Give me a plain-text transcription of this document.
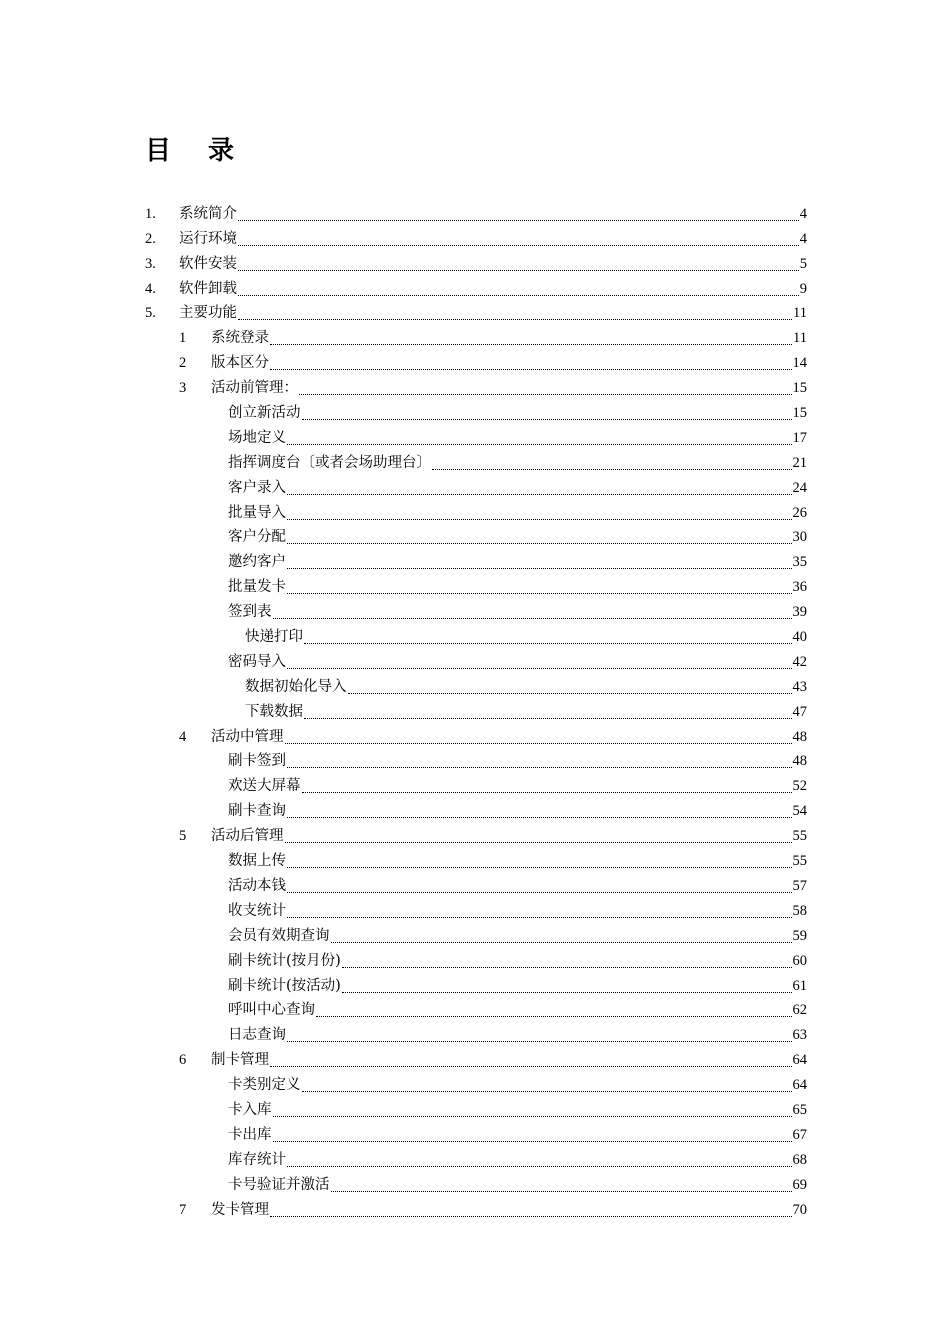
目 录
1.	系统简介	4
2.	运行环境	4
3.	软件安装	5
4.	软件卸载	9
5.	主要功能	11
1	系统登录	11
2	版本区分	14
3	活动前管理：	15
创立新活动	15
场地定义	17
指挥调度台〔或者会场助理台〕	21
客户录入	24
批量导入	26
客户分配	30
邀约客户	35
批量发卡	36
签到表	39
快递打印	40
密码导入	42
数据初始化导入	43
下载数据	47
4	活动中管理	48
刷卡签到	48
欢送大屏幕	52
刷卡查询	54
5	活动后管理	55
数据上传	55
活动本钱	57
收支统计	58
会员有效期查询	59
刷卡统计(按月份)	60
刷卡统计(按活动)	61
呼叫中心查询	62
日志查询	63
6	制卡管理	64
卡类别定义	64
卡入库	65
卡出库	67
库存统计	68
卡号验证并激活	69
7	发卡管理	70
